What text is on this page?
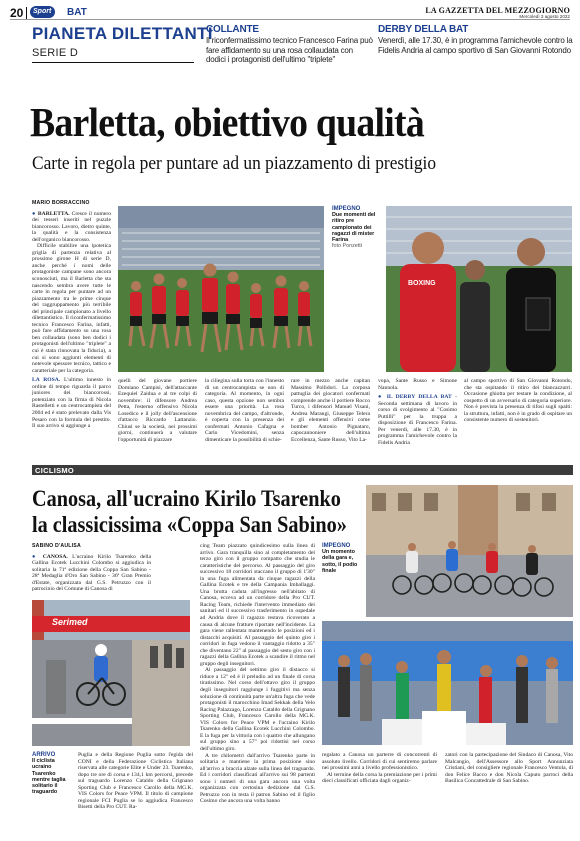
20	Sport	BAT	LA GAZZETTA DEL MEZZOGIORNO
Mercoledì 3 agosto 2022
PIANETA DILETTANTI
SERIE D
COLLANTE
Il riconfermatissimo tecnico Francesco Farina può fare affidamento su una rosa collaudata con dodici i protagonisti dell'ultimo "triplete"
DERBY DELLA BAT
Venerdì, alle 17.30, è in programma l'amichevole contro la Fidelis Andria al campo sportivo di San Giovanni Rotondo
Barletta, obiettivo qualità
Carte in regola per puntare ad un piazzamento di prestigio
MARIO BORRACCINO

● BARLETTA. Cresce il numero dei tesseri inseriti nel puzzle biancorosso. Lavoro, dietro quinte, la qualità e la consistenza dell'organico biancorosso.

Difficile stabilire una ipotetica griglia di partenza relativa al prossimo girone H di serie D, anche perché i nomi delle protagoniste campane sono ancora sconosciuti, ma il Barletta che sta nascendo sembra avere tutte le carte in regola per puntare ad un piazzamento tra le prime cinque del raggruppamento più terribile del principale campionato a livello dilettantistico. Il riconfermatissimo tecnico Francesco Farina, infatti, può fare affidamento su una rosa ben collaudata (sono ben dodici i protagonisti dell'ultimo "triplete" a cui è stata rinnovata la fiducia), a cui si sono aggiunti elementi di notevole spessore tecnico, tattico e caratteriale per la categoria.

LA ROSA. L'ultimo innesto in ordine di tempo riguarda il parco juniores dei biancorossi, potenziato con la firma di Nicola Rastelletti e un centrocampista del 2004 ed è stato prelevato dalla Vis Pesaro con la formula del prestito. Il suo arrivo si aggiunge a

IMPEGNO
Due momenti del ritiro pre campionato dei ragazzi di mister Farina
foto Ponzetti
BOXING
quelli del giovane portiere Domiano Campisi, dell'attaccante Ezequiel Zaidua e al tre colpi di novembre: il difensore Andrea Petta, l'esterno offensivo Nicola Losedico e il jolly dell'ascensione d'attacco Riccardo Lattanzio. Chiusi se la società, nei prossimi giorni, continuerà a valutare l'opportunità di piazzare
la ciliegina sulla torta con l'innesto di un centrocampista se non di categoria. Al momento, in ogni caso, questa opzione non sembra essere una priorità. La rosa novembrica del campo, d'altronde, è coperta con la presenza dei confermati Antonio Cafagna e Carlo Vicedomini, senza dimenticare la possibilità di schie-
rare in mezzo anche capitan Massimo Pollidori. La corposa pattuglia dei giocatori confermati comprende anche il portiere Rocco Turco, i difensori Manuel Visani, Andrea Marangi, Giuseppe Telera e gli elementi offensivi come bomber Antonio Pignataro, capocannoniere dell'ultima Eccellenza, Sante Russo, Vito La-

vopa, Sante Russo e Simone Nannola.

● IL DERBY DELLA BAT - Seconda settimana di lavoro in corso di svolgimento al "Cosimo Puttilli" per la truppa a disposizione di Francesco Farina. Per venerdì, alle 17.30, è in programma l'amichevole contro la Fidelis Andria

al campo sportivo di San Giovanni Rotondo, che sta ospitando il ritiro dei biancazzurri. Occasione ghiotta per testare la condizione, al cospetto di un avversario di categoria superiore. Non è prevista la presenza di tifosi sugli spalti: la struttura, infatti, non è in grado di ospitare un consistente numero di sostenitori.
CICLISMO
Canosa, all'ucraino Kirilo Tsarenko
la classicissima «Coppa San Sabino»
SABINO D'AULISA

● CANOSA. L'ucraino Kirilo Tsarenko della Gallina Ecotek Lucchini Colombo si aggiudica in solitaria la 71ª edizione della Coppa San Sabino - 28ª Medaglia d'Oro San Sabino - 36ª Gran Premio d'Estate, organizzata dal G.S. Petruzzo con il patrocinio del Comune di Canosa di

Serimed
ARRIVO
Il ciclista ucraino Tsarenko mentre taglia solitario il traguardo
Puglia e della Regione Puglia sotto l'egida del CONI e della Federazione Ciclistica Italiana riservata alle categorie Elite e Under 23. Tsarenko, dopo tre ore di corsa e 134,1 km percorsi, precede sul traguardo Lorenzo Cataldo della Grignano Sporting Club e Francesco Carollo della MG.K. VIS Colors for Peace VPM. Il titolo di campione regionale FCI Puglia se lo aggiudica Francesco Bisetti della Pro CUT. Ra-

cing Team piazzato quindicesimo sulla linea di arrivo. Gara tranquilla sino al completamento del terzo giro con il gruppo compatto che studia le caratteristiche del percorso. Al passaggio del giro successivo 18 corridori staccano il gruppo di 1'30" in una fuga alimentata da cinque ragazzi della Gallina Ecotek e tre della Campania Imballaggi. Una brutta caduta all'ingresso nell'abitato di Canosa, ecceva ad un corridore della Pro CUT. Racing Team, richiede l'intervento immediato dei sanitari ed il successivo trasferimento in ospedale ad Andria dove il ragazzo restava ricoverato a causa di alcune fratture riportate nell'incidente. La gara viene rallentata mantenendo le posizioni ed i distacchi acquisiti. Al passaggio del quinto giro i corridori in fuga vedono il vantaggio ridotto a 35" che diventano 22" al passaggio del sesto giro con i ragazzi della Gallina Ecotek a scandire il ritmo nel gruppo degli inseguitori.

Al passaggio del settimo giro il distacco si riduce a 12" ed è il preludio ad un finale di corsa tiratissimo. Nel corso dell'ottavo giro il gruppo degli inseguitori raggiunge i fuggitivi ma senza soluzione di continuità parte un'altra fuga che vede protagonisti il marocchino Imad Sekkak della Velo Racing Palazzago, Lorenzo Cataldo della Grignano Sporting Club, Francesco Carollo della MG.K. VIS Colors for Peace VPM e l'ucraino Kirilo Tsarenko della Gallina Ecotek Lucchini Colombo. E la fuga per la vittoria con i quattro che allungano sul gruppo sino a 57" poi ridottisi nel corso dell'ultimo giro.

A tre chilometri dall'arrivo Tsarenko parte in solitaria e mantiene la prima posizione sino all'arrivo a braccia alzate sulla linea del traguardo. Ed i corridori classificati all'arrivo sui 98 partenti sono i numeri di una gara ancora una volta organizzata con certosina dedizione dal G.S. Petruzzo con in testa il patron Sabino ed il figlio Cosimo che ancora una volta hanno

IMPEGNO
Un momento della gara e, sotto, il podio finale

regalato a Canosa un parterre di concorrenti di assoluto livello. Corridori di cui sentiremo parlare nei prossimi anni a livello professionistico.

Al termine della corsa la premiazione per i primi dieci classificati officiata dagli organiz-

zatori con la partecipazione del Sindaco di Canosa, Vito Malcangio, dell'Assessore allo Sport Annunziata Cristiani, del consigliere regionale Francesco Ventola, di don Felice Bacco e don Nicola Caputo parroci della Basilica Concattedrale di San Sabino.
